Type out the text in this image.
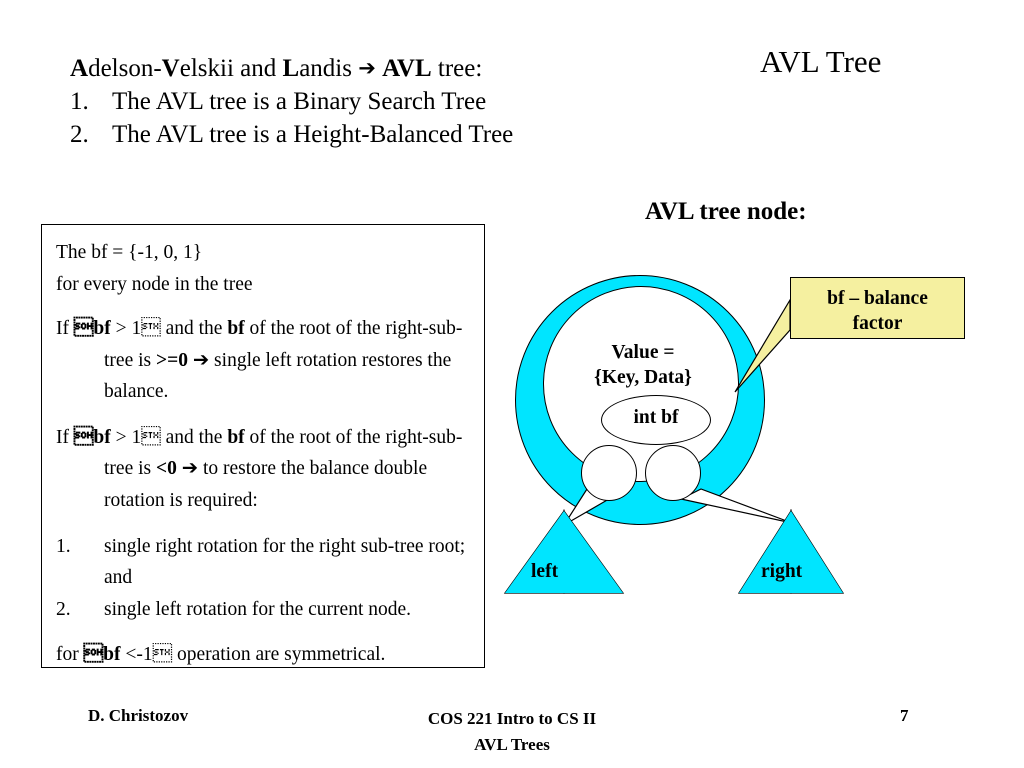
AVL Tree
Adelson-Velskii and Landis ➔ AVL tree:
1. The AVL tree is a Binary Search Tree
2. The AVL tree is a Height-Balanced Tree
AVL tree node:

The bf = {-1, 0, 1}
for every node in the tree

If bf > 1 and the bf of the root of the right-sub-tree is >=0 ➔ single left rotation restores the balance.

If bf > 1 and the bf of the root of the right-sub-tree is <0 ➔ to restore the balance double rotation is required:

1. single right rotation for the right sub-tree root; and

2. single left rotation for the current node.

for bf <-1 operation are symmetrical.

Value =
{Key, Data}
int bf
left	right
bf – balance
factor
D. Christozov	COS 221 Intro to CS II
AVL Trees
7
